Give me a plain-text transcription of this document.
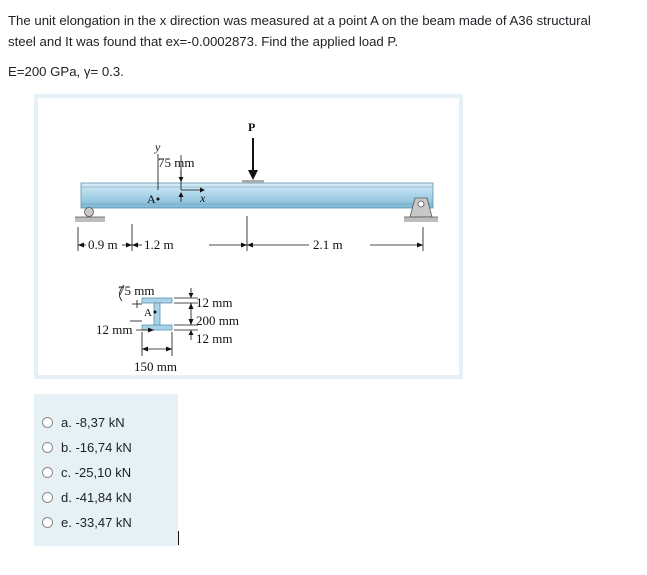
The unit elongation in the x direction was measured at a point A on the beam made of A36 structural

steel and It was found that ex=-0.0002873. Find the applied load P.

E=200 GPa, γ= 0.3.

P
y
75 mm
x
A
0.9 m 1.2 m	2.1 m
75 mm
A
12 mm
12 mm
200 mm
12 mm
150 mm
a. -8,37 kN
b. -16,74 kN
c. -25,10 kN
d. -41,84 kN
e. -33,47 kN
